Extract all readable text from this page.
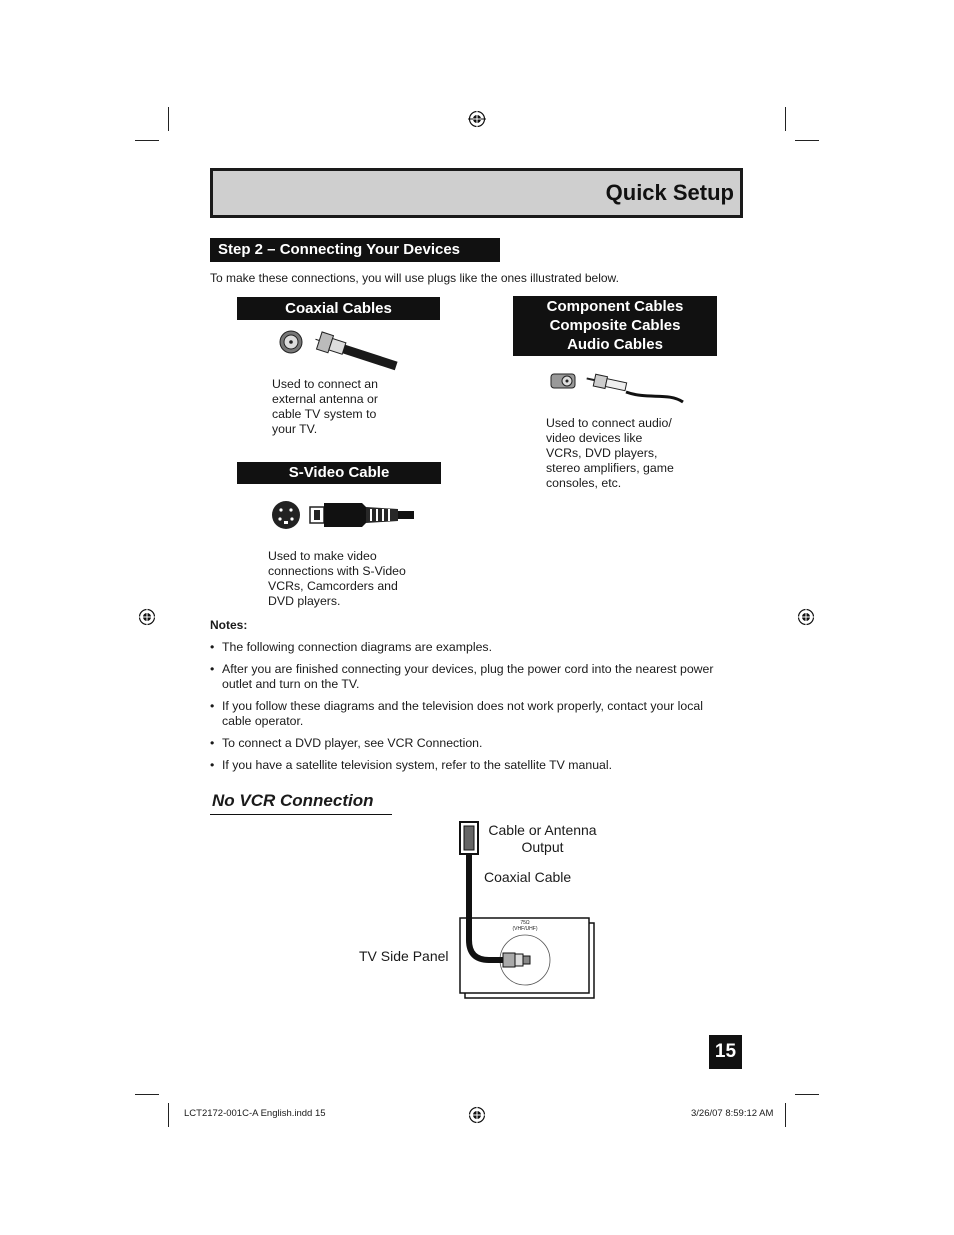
Quick Setup
Step 2 – Connecting Your Devices
To make these connections, you will use plugs like the ones illustrated below.
Coaxial Cables
Used to connect an
external antenna or
cable TV system to
your TV.
Component Cables
Composite Cables
Audio Cables
Used to connect audio/
video devices like
VCRs, DVD players,
stereo amplifiers, game
consoles, etc.
S-Video Cable
Used to make video
connections with S-Video
VCRs, Camcorders and
DVD players.
Notes:
• The following connection diagrams are examples.
• After you are finished connecting your devices, plug the power cord into the nearest power
outlet and turn on the TV.
• If you follow these diagrams and the television does not work properly, contact your local
cable operator.
• To connect a DVD player, see VCR Connection.
• If you have a satellite television system, refer to the satellite TV manual.
No VCR Connection
75Ω
(VHF/UHF)
Cable or Antenna
Output
Coaxial Cable
TV Side Panel
15
LCT2172-001C-A English.indd 15	3/26/07 8:59:12 AM
